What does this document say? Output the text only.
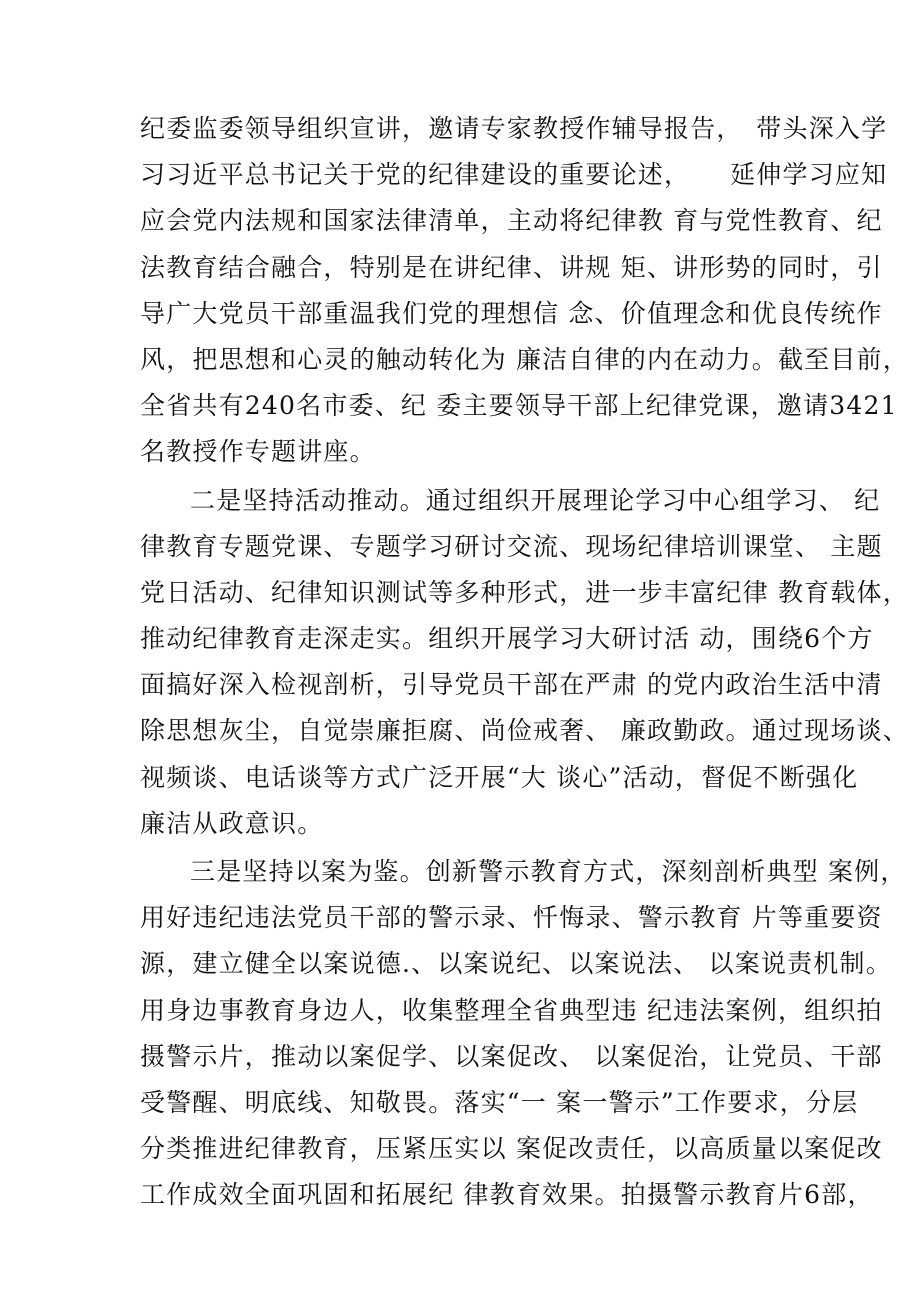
纪委监委领导组织宣讲，邀请专家教授作辅导报告，　带头深入学
习习近平总书记关于党的纪律建设的重要论述，　　延伸学习应知
应会党内法规和国家法律清单，主动将纪律教 育与党性教育、纪
法教育结合融合，特别是在讲纪律、讲规 矩、讲形势的同时，引
导广大党员干部重温我们党的理想信 念、价值理念和优良传统作
风，把思想和心灵的触动转化为 廉洁自律的内在动力。截至目前，
全省共有240名市委、纪 委主要领导干部上纪律党课，邀请3421
名教授作专题讲座。
二是坚持活动推动。通过组织开展理论学习中心组学习、 纪
律教育专题党课、专题学习研讨交流、现场纪律培训课堂、 主题
党日活动、纪律知识测试等多种形式，进一步丰富纪律 教育载体，
推动纪律教育走深走实。组织开展学习大研讨活 动，围绕6个方
面搞好深入检视剖析，引导党员干部在严肃 的党内政治生活中清
除思想灰尘，自觉崇廉拒腐、尚俭戒奢、 廉政勤政。通过现场谈、
视频谈、电话谈等方式广泛开展“大 谈心”活动，督促不断强化
廉洁从政意识。
三是坚持以案为鉴。创新警示教育方式，深刻剖析典型 案例，
用好违纪违法党员干部的警示录、忏悔录、警示教育 片等重要资
源，建立健全以案说德.、以案说纪、以案说法、 以案说责机制。
用身边事教育身边人，收集整理全省典型违 纪违法案例，组织拍
摄警示片，推动以案促学、以案促改、 以案促治，让党员、干部
受警醒、明底线、知敬畏。落实“一 案一警示”工作要求，分层
分类推进纪律教育，压紧压实以 案促改责任，以高质量以案促改
工作成效全面巩固和拓展纪 律教育效果。拍摄警示教育片6部，
